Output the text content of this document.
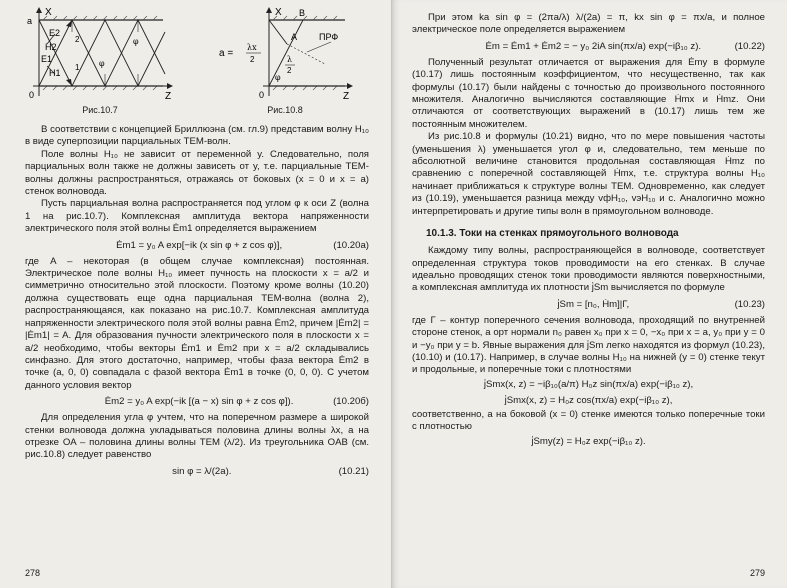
X
a
E2
H2
E1
H1
2
1 φ
φ
0	Z
Рис.10.7
X B
a =
λx
2
A ПРФ
λ
2
φ
0	Z
Рис.10.8

В соответствии с концепцией Бриллюэна (см. гл.9) представим волну H₁₀ в виде суперпозиции парциальных TEM-волн.

Поле волны H₁₀ не зависит от переменной y. Следовательно, поля парциальных волн также не должны зависеть от y, т.е. парциальные TEM-волны должны распространяться, отражаясь от боковых (x = 0 и x = a) стенок волновода.

Пусть парциальная волна распространяется под углом φ к оси Z (волна 1 на рис.10.7). Комплексная амплитуда вектора напряженности электрического поля этой волны Ėm1 определяется выражением

Ėm1 = y₀ A exp[−ik (x sin φ + z cos φ)],	(10.20а)

где A – некоторая (в общем случае комплексная) постоянная. Электрическое поле волны H₁₀ имеет пучность на плоскости x = a/2 и симметрично относительно этой плоскости. Поэтому кроме волны (10.20) должна существовать еще одна парциальная TEM-волна (волна 2), распространяющаяся, как показано на рис.10.7. Комплексная амплитуда напряженности электрического поля этой волны равна Ėm2, причем |Ėm2| = |Ėm1| = A. Для образования пучности электрического поля в плоскости x = a/2 необходимо, чтобы векторы Ėm1 и Ėm2 при x = a/2 складывались синфазно. Для этого достаточно, например, чтобы фаза вектора Ėm2 в точке (a, 0, 0) совпадала с фазой вектора Ėm1 в точке (0, 0, 0). С учетом данного условия вектор

Ėm2 = y₀ A exp(−ik [(a − x) sin φ + z cos φ]).	(10.20б)

Для определения угла φ учтем, что на поперечном размере a широкой стенки волновода должна укладываться половина длины волны λx, а на отрезке OA – половина длины волны TEM (λ/2). Из треугольника OAB (см. рис.10.8) следует равенство

sin φ = λ/(2a).	(10.21)
278

При этом ka sin φ = (2πa/λ) λ/(2a) = π, kx sin φ = πx/a, и полное электрическое поле определяется выражением

Ėm = Ėm1 + Ėm2 = − y₀ 2iA sin(πx/a) exp(−iβ₁₀ z).	(10.22)

Полученный результат отличается от выражения для Ėmy в формуле (10.17) лишь постоянным коэффициентом, что несущественно, так как формулы (10.17) были найдены с точностью до произвольного постоянного множителя. Аналогично вычисляются составляющие Ḣmx и Ḣmz. Они отличаются от соответствующих выражений в (10.17) лишь тем же постоянным множителем.

Из рис.10.8 и формулы (10.21) видно, что по мере повышения частоты (уменьшения λ) уменьшается угол φ и, следовательно, тем меньше по абсолютной величине становится продольная составляющая Ḣmz по сравнению с поперечной составляющей Ḣmx, т.е. структура волны H₁₀ начинает приближаться к структуре волны TEM. Одновременно, как следует из (10.19), уменьшается разница между vфH₁₀, vэH₁₀ и c. Аналогично можно интерпретировать и другие типы волн в прямоугольном волноводе.

10.1.3. Токи на стенках прямоугольного волновода

Каждому типу волны, распространяющейся в волноводе, соответствует определенная структура токов проводимости на его стенках. В случае идеально проводящих стенок токи проводимости являются поверхностными, а комплексная амплитуда их плотности j̇Sm вычисляется по формуле

j̇Sm = [n₀, Ḣm]|Γ,	(10.23)

где Γ – контур поперечного сечения волновода, проходящий по внутренней стороне стенок, а орт нормали n₀ равен x₀ при x = 0, −x₀ при x = a, y₀ при y = 0 и −y₀ при y = b. Явные выражения для j̇Sm легко находятся из формул (10.23), (10.10) и (10.17). Например, в случае волны H₁₀ на нижней (y = 0) стенке текут и продольные, и поперечные токи с плотностями

j̇Smx(x, z) = −iβ₁₀(a/π) H₀z sin(πx/a) exp(−iβ₁₀ z),
j̇Smx(x, z) = H₀z cos(πx/a) exp(−iβ₁₀ z),

соответственно, а на боковой (x = 0) стенке имеются только поперечные токи с плотностью

j̇Smy(z) = H₀z exp(−iβ₁₀ z).
279
